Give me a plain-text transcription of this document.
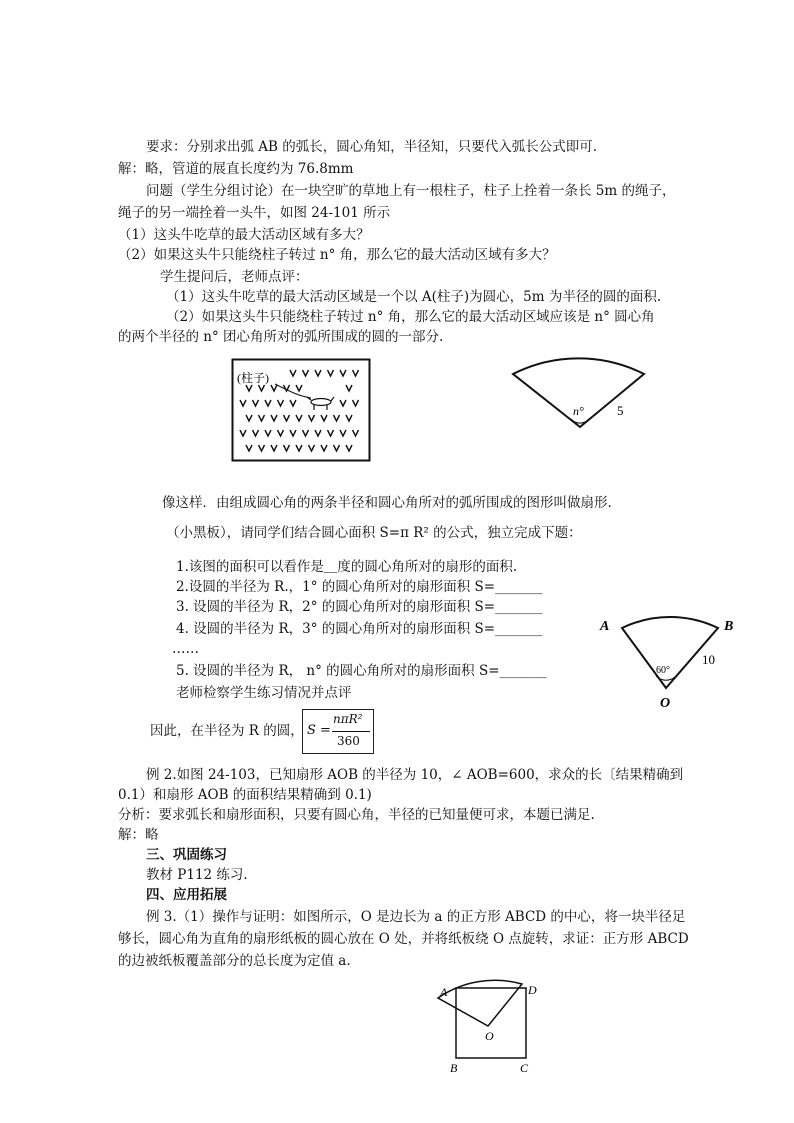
要求：分别求出弧 AB 的弧长，圆心角知，半径知，只要代入弧长公式即可.
解：略，管道的展直长度约为 76.8mm
问题（学生分组讨论）在一块空旷的草地上有一根柱子，柱子上拴着一条长 5m 的绳子，
绳子的另一端拴着一头牛，如图 24-101 所示
（1）这头牛吃草的最大活动区域有多大？
（2）如果这头牛只能绕柱子转过 n° 角，那么它的最大活动区域有多大？
学生提问后，老师点评：
（1）这头牛吃草的最大活动区域是一个以 A(柱子)为圆心，5m 为半径的圆的面积.
（2）如果这头牛只能绕柱子转过 n° 角，那么它的最大活动区域应该是 n° 圆心角
的两个半径的 n° 团心角所对的弧所围成的圆的一部分.
(柱子)
n°	5
像这样．由组成圆心角的两条半径和圆心角所对的弧所围成的图形叫做扇形.
（小黑板），请同学们结合圆心面积 S=π R² 的公式，独立完成下题：
1.该图的面积可以看作是＿度的圆心角所对的扇形的面积.
2.设圆的半径为 R.，1° 的圆心角所对的扇形面积 S=_______
3. 设圆的半径为 R，2° 的圆心角所对的扇形面积 S=_______
4. 设圆的半径为 R，3° 的圆心角所对的扇形面积 S=_______
……
5. 设圆的半径为 R， n° 的圆心角所对的扇形面积 S=_______
老师检察学生练习情况并点评
A	B
O
60°
10
因此，在半径为 R 的圆， S =
nπR²
360
例 2.如图 24-103，已知扇形 AOB 的半径为 10，∠ AOB=600，求众的长〔结果精确到
0.1）和扇形 AOB 的面积结果精确到 0.1)
分析：要求弧长和扇形面积，只要有圆心角，半径的已知量便可求，本题已满足.
解：略
三、巩固练习
教材 P112 练习.
四、应用拓展
例 3.（1）操作与证明：如图所示，O 是边长为 a 的正方形 ABCD 的中心，将一块半径足
够长，圆心角为直角的扇形纸板的圆心放在 O 处，并将纸板绕 O 点旋转，求证：正方形 ABCD
的边被纸板覆盖部分的总长度为定值 a.
A	D
B	C
O
